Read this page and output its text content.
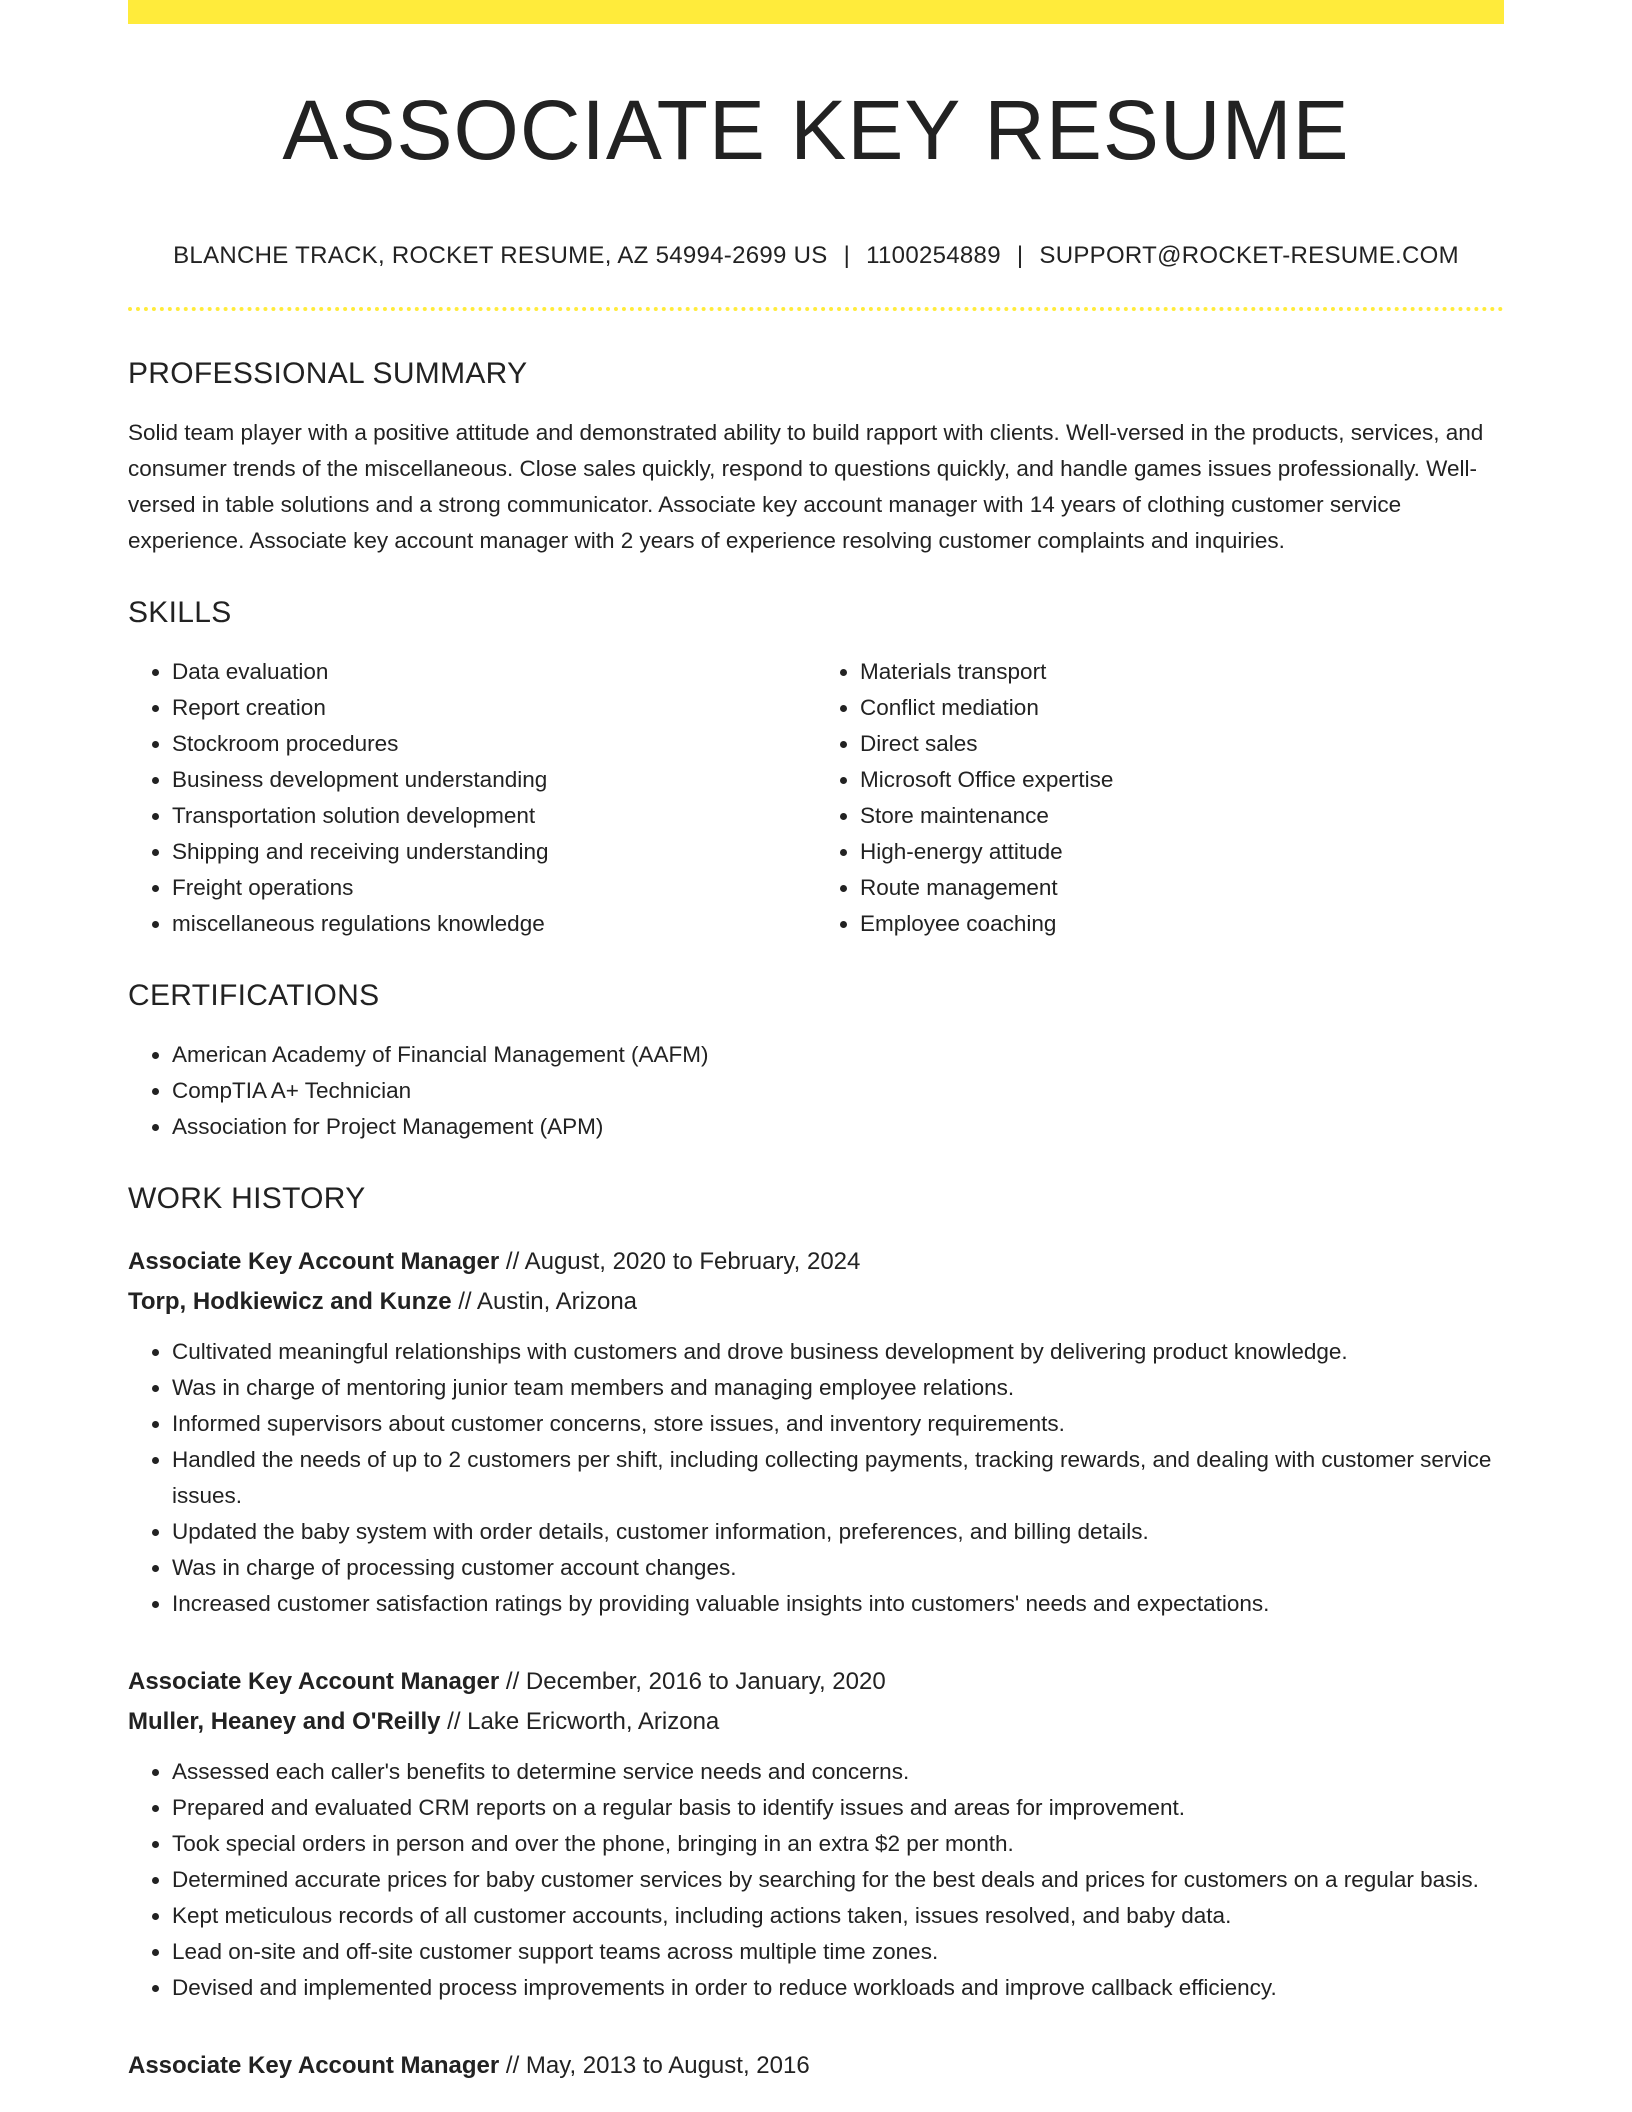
ASSOCIATE KEY RESUME
BLANCHE TRACK, ROCKET RESUME, AZ 54994-2699 US | 1100254889 | SUPPORT@ROCKET-RESUME.COM
PROFESSIONAL SUMMARY

Solid team player with a positive attitude and demonstrated ability to build rapport with clients. Well-versed in the products, services, and consumer trends of the miscellaneous. Close sales quickly, respond to questions quickly, and handle games issues professionally. Well-versed in table solutions and a strong communicator. Associate key account manager with 14 years of clothing customer service experience. Associate key account manager with 2 years of experience resolving customer complaints and inquiries.

SKILLS
• Data evaluation
• Report creation
• Stockroom procedures
• Business development understanding
• Transportation solution development
• Shipping and receiving understanding
• Freight operations
• miscellaneous regulations knowledge
• Materials transport
• Conflict mediation
• Direct sales
• Microsoft Office expertise
• Store maintenance
• High-energy attitude
• Route management
• Employee coaching
CERTIFICATIONS
• American Academy of Financial Management (AAFM)
• CompTIA A+ Technician
• Association for Project Management (APM)
WORK HISTORY
Associate Key Account Manager // August, 2020 to February, 2024
Torp, Hodkiewicz and Kunze // Austin, Arizona
• Cultivated meaningful relationships with customers and drove business development by delivering product knowledge.
• Was in charge of mentoring junior team members and managing employee relations.
• Informed supervisors about customer concerns, store issues, and inventory requirements.
• Handled the needs of up to 2 customers per shift, including collecting payments, tracking rewards, and dealing with customer service issues.
• Updated the baby system with order details, customer information, preferences, and billing details.
• Was in charge of processing customer account changes.
• Increased customer satisfaction ratings by providing valuable insights into customers' needs and expectations.
Associate Key Account Manager // December, 2016 to January, 2020
Muller, Heaney and O'Reilly // Lake Ericworth, Arizona
• Assessed each caller's benefits to determine service needs and concerns.
• Prepared and evaluated CRM reports on a regular basis to identify issues and areas for improvement.
• Took special orders in person and over the phone, bringing in an extra $2 per month.
• Determined accurate prices for baby customer services by searching for the best deals and prices for customers on a regular basis.
• Kept meticulous records of all customer accounts, including actions taken, issues resolved, and baby data.
• Lead on-site and off-site customer support teams across multiple time zones.
• Devised and implemented process improvements in order to reduce workloads and improve callback efficiency.
Associate Key Account Manager // May, 2013 to August, 2016
